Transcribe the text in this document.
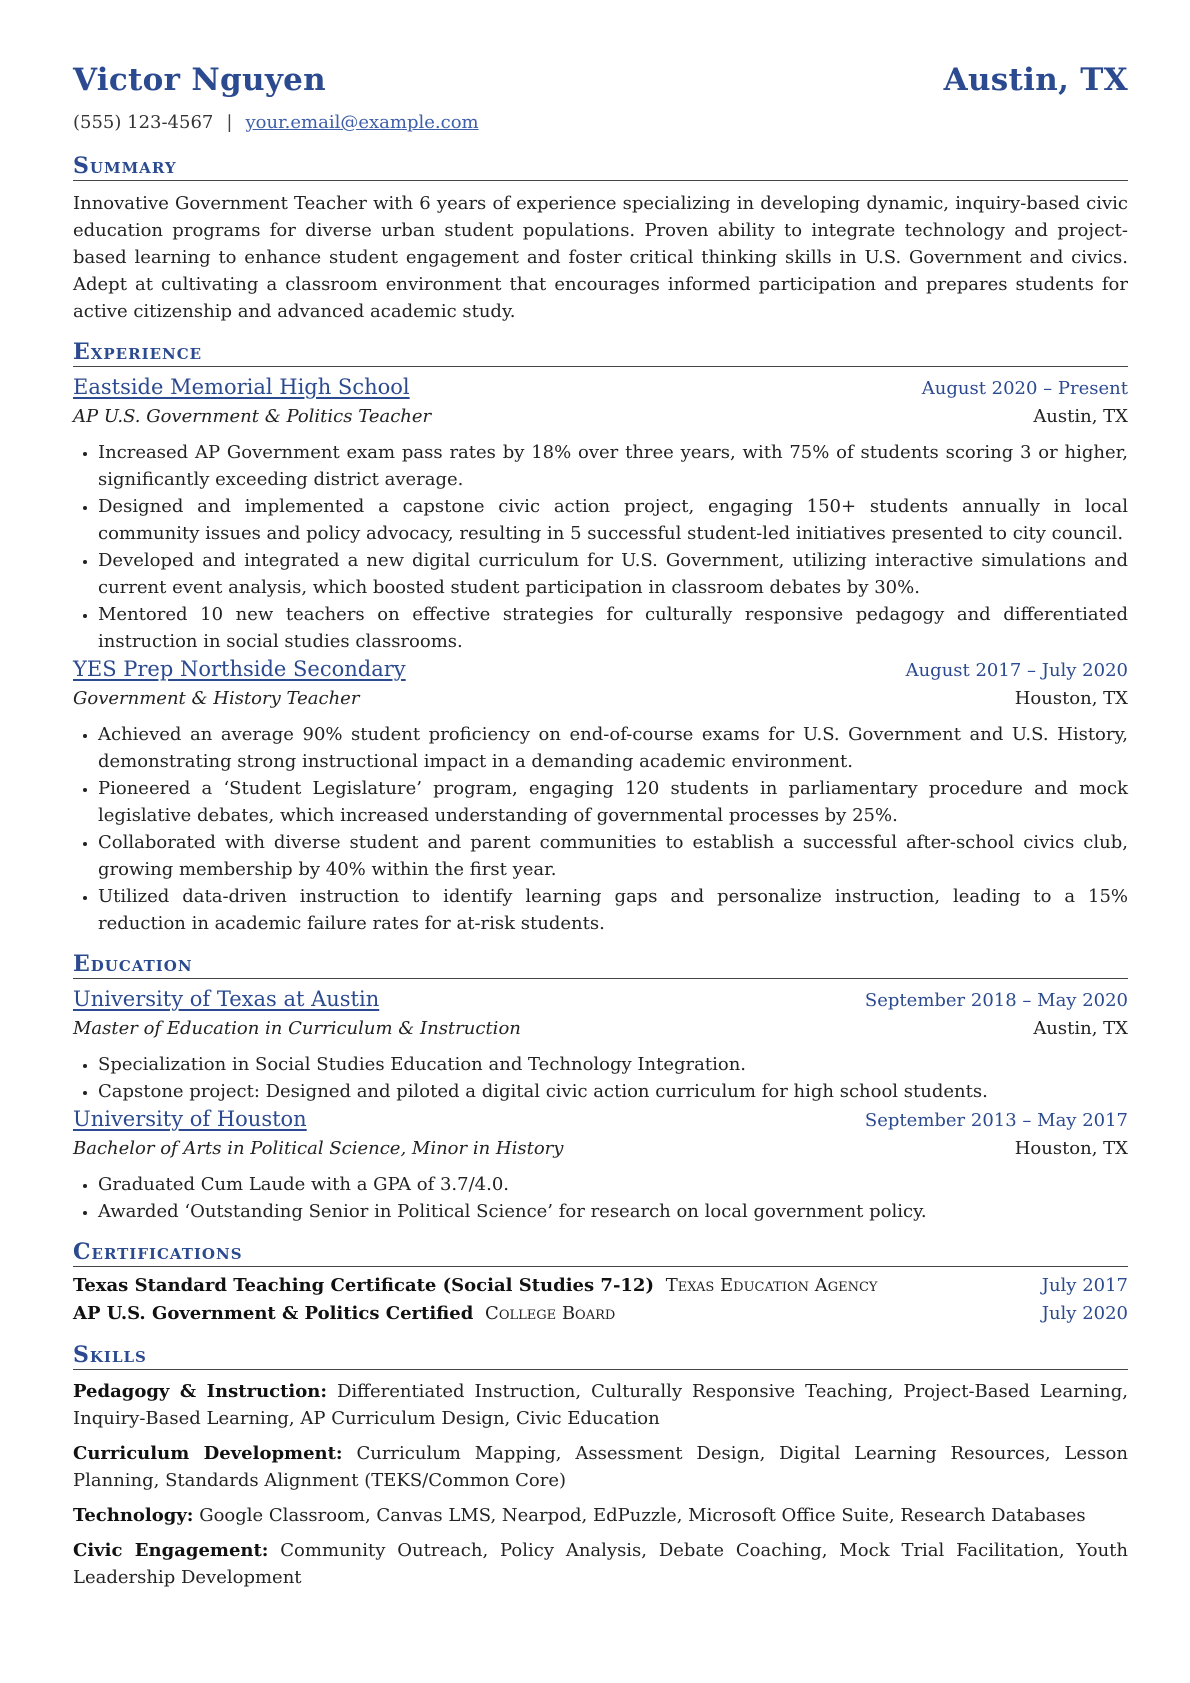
Victor Nguyen	Austin, TX
(555) 123-4567 | your.email@example.com
Summary
Innovative Government Teacher with 6 years of experience specializing in developing dynamic, inquiry-based civic education programs for diverse urban student populations. Proven ability to integrate technology and project-based learning to enhance student engagement and foster critical thinking skills in U.S. Government and civics. Adept at cultivating a classroom environment that encourages informed participation and prepares students for active citizenship and advanced academic study.
Experience
Eastside Memorial High School	August 2020 – Present
AP U.S. Government & Politics Teacher	Austin, TX
• Increased AP Government exam pass rates by 18% over three years, with 75% of students scoring 3 or higher, significantly exceeding district average.
• Designed and implemented a capstone civic action project, engaging 150+ students annually in local community issues and policy advocacy, resulting in 5 successful student-led initiatives presented to city council.
• Developed and integrated a new digital curriculum for U.S. Government, utilizing interactive simulations and current event analysis, which boosted student participation in classroom debates by 30%.
• Mentored 10 new teachers on effective strategies for culturally responsive pedagogy and differentiated instruction in social studies classrooms.
YES Prep Northside Secondary	August 2017 – July 2020
Government & History Teacher	Houston, TX
• Achieved an average 90% student proficiency on end-of-course exams for U.S. Government and U.S. History, demonstrating strong instructional impact in a demanding academic environment.
• Pioneered a ‘Student Legislature’ program, engaging 120 students in parliamentary procedure and mock legislative debates, which increased understanding of governmental processes by 25%.
• Collaborated with diverse student and parent communities to establish a successful after-school civics club, growing membership by 40% within the first year.
• Utilized data-driven instruction to identify learning gaps and personalize instruction, leading to a 15% reduction in academic failure rates for at-risk students.
Education
University of Texas at Austin	September 2018 – May 2020
Master of Education in Curriculum & Instruction	Austin, TX
• Specialization in Social Studies Education and Technology Integration.
• Capstone project: Designed and piloted a digital civic action curriculum for high school students.
University of Houston	September 2013 – May 2017
Bachelor of Arts in Political Science, Minor in History	Houston, TX
• Graduated Cum Laude with a GPA of 3.7/4.0.
• Awarded ‘Outstanding Senior in Political Science’ for research on local government policy.
Certifications
Texas Standard Teaching Certificate (Social Studies 7-12) Texas Education Agency	July 2017
AP U.S. Government & Politics Certified College Board	July 2020
Skills
Pedagogy & Instruction: Differentiated Instruction, Culturally Responsive Teaching, Project-Based Learning, Inquiry-Based Learning, AP Curriculum Design, Civic Education
Curriculum Development: Curriculum Mapping, Assessment Design, Digital Learning Resources, Lesson Planning, Standards Alignment (TEKS/Common Core)
Technology: Google Classroom, Canvas LMS, Nearpod, EdPuzzle, Microsoft Office Suite, Research Databases
Civic Engagement: Community Outreach, Policy Analysis, Debate Coaching, Mock Trial Facilitation, Youth Leadership Development
